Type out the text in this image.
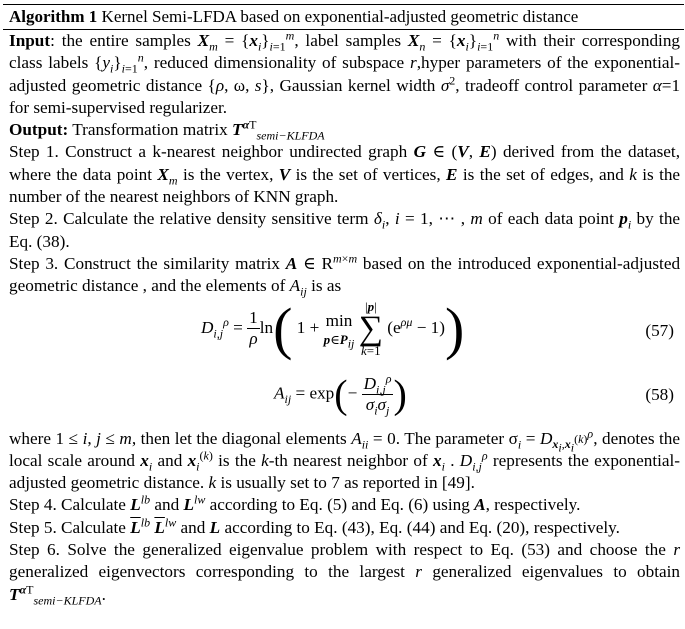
Algorithm 1 Kernel Semi-LFDA based on exponential-adjusted geometric distance

Input: the entire samples $X_m = \{x_i\}_{i=1}^m$, label samples $X_n = \{x_i\}_{i=1}^n$ with their corresponding class labels $\{y_i\}_{i=1}^n$, reduced dimensionality of subspace r,hyper parameters of the exponential-adjusted geometric distance {ρ, ω, s}, Gaussian kernel width $\sigma^2$, tradeoff control parameter α=1 for semi-supervised regularizer.

Output: Transformation matrix $T^{\alpha T}_{semi-KLFDA}$

Step 1. Construct a k-nearest neighbor undirected graph G ∈ (V, E) derived from the dataset, where the data point $X_m$ is the vertex, V is the set of vertices, E is the set of edges, and k is the number of the nearest neighbors of KNN graph.

Step 2. Calculate the relative density sensitive term $\delta_i$, i = 1, ⋯ , m of each data point $p_i$ by the Eq. (38).

Step 3. Construct the similarity matrix A ∈ $R^{m\times m}$ based on the introduced exponential-adjusted geometric distance , and the elements of $A_{ij}$ is as

$D_{i,j}^\rho = \frac{1}{\rho} \ln$( 1 + min
$p\in P_{ij}$

|p|
∑
k=1
$(e^{\rho\mu} - 1)$)	(57)
$A_{ij} = \exp(- \frac{D_{i,j}^\rho}{\sigma_i\sigma_j}$ )	(58)

where 1 ≤ i, j ≤ m, then let the diagonal elements $A_{ii} = 0$. The parameter $\sigma_i = D_{x_i,x_i^{(k)}}^\rho$, denotes the local scale around $x_i$ and $x_i^{(k)}$ is the k-th nearest neighbor of $x_i$ . $D_{i,j}^\rho$ represents the exponential-adjusted geometric distance. k is usually set to 7 as reported in [49].

Step 4. Calculate $L^{lb}$ and $L^{lw}$ according to Eq. (5) and Eq. (6) using A, respectively.

Step 5. Calculate $\overline{L}^{lb}$ $\overline{L}^{lw}$ and L according to Eq. (43), Eq. (44) and Eq. (20), respectively.

Step 6. Solve the generalized eigenvalue problem with respect to Eq. (53) and choose the r generalized eigenvectors corresponding to the largest r generalized eigenvalues to obtain $T^{\alpha T}_{semi-KLFDA}$.
